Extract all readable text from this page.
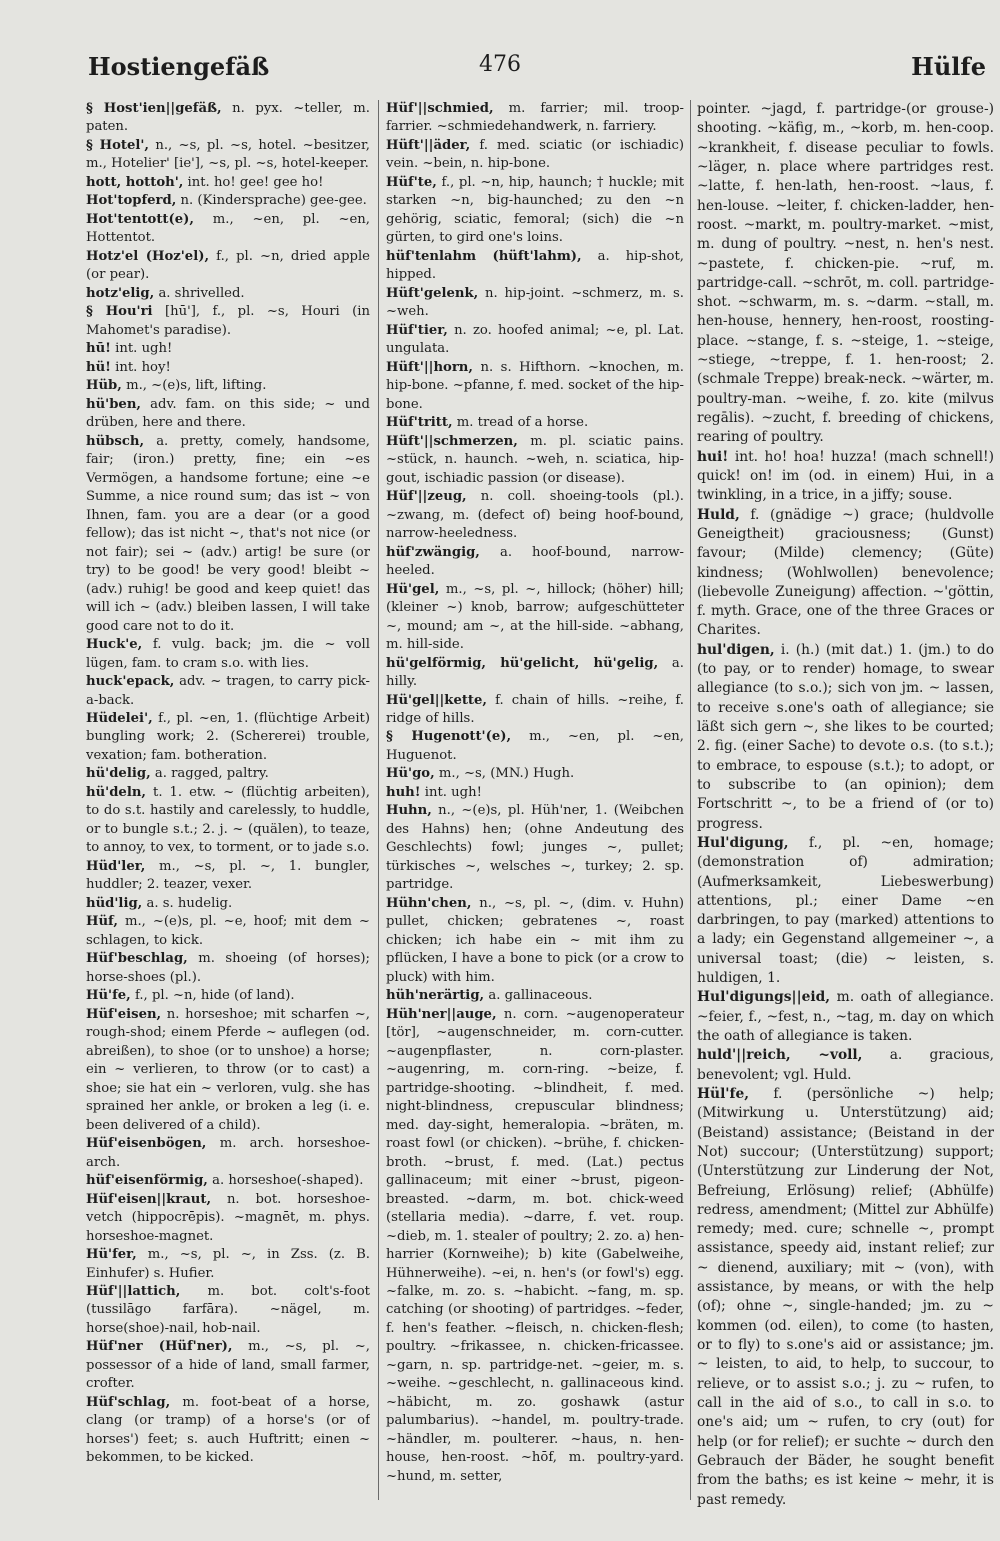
Hostiengefäß	476	Hülfe

§ Host'ien||gefäß, n. pyx. ~teller, m. paten.

§ Hotel', n., ~s, pl. ~s, hotel. ~besitzer, m., Hotelier' [ie'], ~s, pl. ~s, hotel-keeper.

hott, hottoh', int. ho! gee! gee ho!

Hot'topferd, n. (Kindersprache) gee-gee.

Hot'tentott(e), m., ~en, pl. ~en, Hottentot.

Hotz'el (Hoz'el), f., pl. ~n, dried apple (or pear).

hotz'elig, a. shrivelled.

§ Hou'ri [hū'], f., pl. ~s, Houri (in Mahomet's paradise).

hū! int. ugh!

hü! int. hoy!

Hüb, m., ~(e)s, lift, lifting.

hü'ben, adv. fam. on this side; ~ und drüben, here and there.

hübsch, a. pretty, comely, handsome, fair; (iron.) pretty, fine; ein ~es Vermögen, a handsome fortune; eine ~e Summe, a nice round sum; das ist ~ von Ihnen, fam. you are a dear (or a good fellow); das ist nicht ~, that's not nice (or not fair); sei ~ (adv.) artig! be sure (or try) to be good! be very good! bleibt ~ (adv.) ruhig! be good and keep quiet! das will ich ~ (adv.) bleiben lassen, I will take good care not to do it.

Huck'e, f. vulg. back; jm. die ~ voll lügen, fam. to cram s.o. with lies.

huck'epack, adv. ~ tragen, to carry pick-a-back.

Hüdelei', f., pl. ~en, 1. (flüchtige Arbeit) bungling work; 2. (Schererei) trouble, vexation; fam. botheration.

hü'delig, a. ragged, paltry.

hü'deln, t. 1. etw. ~ (flüchtig arbeiten), to do s.t. hastily and carelessly, to huddle, or to bungle s.t.; 2. j. ~ (quälen), to teaze, to annoy, to vex, to torment, or to jade s.o.

Hüd'ler, m., ~s, pl. ~, 1. bungler, huddler; 2. teazer, vexer.

hüd'lig, a. s. hudelig.

Hüf, m., ~(e)s, pl. ~e, hoof; mit dem ~ schlagen, to kick.

Hüf'beschlag, m. shoeing (of horses); horse-shoes (pl.).

Hü'fe, f., pl. ~n, hide (of land).

Hüf'eisen, n. horseshoe; mit scharfen ~, rough-shod; einem Pferde ~ auflegen (od. abreißen), to shoe (or to unshoe) a horse; ein ~ verlieren, to throw (or to cast) a shoe; sie hat ein ~ verloren, vulg. she has sprained her ankle, or broken a leg (i. e. been delivered of a child).

Hüf'eisenbögen, m. arch. horseshoe-arch.

hüf'eisenförmig, a. horseshoe(-shaped).

Hüf'eisen||kraut, n. bot. horseshoe-vetch (hippocrēpis). ~magnēt, m. phys. horseshoe-magnet.

Hü'fer, m., ~s, pl. ~, in Zss. (z. B. Einhufer) s. Hufier.

Hüf'||lattich, m. bot. colt's-foot (tussilāgo farfāra). ~nägel, m. horse(shoe)-nail, hob-nail.

Hüf'ner (Hüf'ner), m., ~s, pl. ~, possessor of a hide of land, small farmer, crofter.

Hüf'schlag, m. foot-beat of a horse, clang (or tramp) of a horse's (or of horses') feet; s. auch Huftritt; einen ~ bekommen, to be kicked.

Hüf'||schmied, m. farrier; mil. troop-farrier. ~schmiedehandwerk, n. farriery.

Hüft'||äder, f. med. sciatic (or ischiadic) vein. ~bein, n. hip-bone.

Hüf'te, f., pl. ~n, hip, haunch; † huckle; mit starken ~n, big-haunched; zu den ~n gehörig, sciatic, femoral; (sich) die ~n gürten, to gird one's loins.

hüf'tenlahm (hüft'lahm), a. hip-shot, hipped.

Hüft'gelenk, n. hip-joint. ~schmerz, m. s. ~weh.

Hüf'tier, n. zo. hoofed animal; ~e, pl. Lat. ungulata.

Hüft'||horn, n. s. Hifthorn. ~knochen, m. hip-bone. ~pfanne, f. med. socket of the hip-bone.

Hüf'tritt, m. tread of a horse.

Hüft'||schmerzen, m. pl. sciatic pains. ~stück, n. haunch. ~weh, n. sciatica, hip-gout, ischiadic passion (or disease).

Hüf'||zeug, n. coll. shoeing-tools (pl.). ~zwang, m. (defect of) being hoof-bound, narrow-heeledness.

hüf'zwängig, a. hoof-bound, narrow-heeled.

Hü'gel, m., ~s, pl. ~, hillock; (höher) hill; (kleiner ~) knob, barrow; aufgeschütteter ~, mound; am ~, at the hill-side. ~abhang, m. hill-side.

hü'gelförmig, hü'gelicht, hü'gelig, a. hilly.

Hü'gel||kette, f. chain of hills. ~reihe, f. ridge of hills.

§ Hugenott'(e), m., ~en, pl. ~en, Huguenot.

Hü'go, m., ~s, (MN.) Hugh.

huh! int. ugh!

Huhn, n., ~(e)s, pl. Hüh'ner, 1. (Weibchen des Hahns) hen; (ohne Andeutung des Geschlechts) fowl; junges ~, pullet; türkisches ~, welsches ~, turkey; 2. sp. partridge.

Hühn'chen, n., ~s, pl. ~, (dim. v. Huhn) pullet, chicken; gebratenes ~, roast chicken; ich habe ein ~ mit ihm zu pflücken, I have a bone to pick (or a crow to pluck) with him.

hüh'nerärtig, a. gallinaceous.

Hüh'ner||auge, n. corn. ~augenoperateur [tör], ~augenschneider, m. corn-cutter. ~augenpflaster, n. corn-plaster. ~augenring, m. corn-ring. ~beize, f. partridge-shooting. ~blindheit, f. med. night-blindness, crepuscular blindness; med. day-sight, hemeralopia. ~bräten, m. roast fowl (or chicken). ~brühe, f. chicken-broth. ~brust, f. med. (Lat.) pectus gallinaceum; mit einer ~brust, pigeon-breasted. ~darm, m. bot. chick-weed (stellaria media). ~darre, f. vet. roup. ~dieb, m. 1. stealer of poultry; 2. zo. a) hen-harrier (Kornweihe); b) kite (Gabelweihe, Hühnerweihe). ~ei, n. hen's (or fowl's) egg. ~falke, m. zo. s. ~habicht. ~fang, m. sp. catching (or shooting) of partridges. ~feder, f. hen's feather. ~fleisch, n. chicken-flesh; poultry. ~frikassee, n. chicken-fricassee. ~garn, n. sp. partridge-net. ~geier, m. s. ~weihe. ~geschlecht, n. gallinaceous kind. ~häbicht, m. zo. goshawk (astur palumbarius). ~handel, m. poultry-trade. ~händler, m. poulterer. ~haus, n. hen-house, hen-roost. ~hōf, m. poultry-yard. ~hund, m. setter,

pointer. ~jagd, f. partridge-(or grouse-) shooting. ~käfig, m., ~korb, m. hen-coop. ~krankheit, f. disease peculiar to fowls. ~läger, n. place where partridges rest. ~latte, f. hen-lath, hen-roost. ~laus, f. hen-louse. ~leiter, f. chicken-ladder, hen-roost. ~markt, m. poultry-market. ~mist, m. dung of poultry. ~nest, n. hen's nest. ~pastete, f. chicken-pie. ~ruf, m. partridge-call. ~schrōt, m. coll. partridge-shot. ~schwarm, m. s. ~darm. ~stall, m. hen-house, hennery, hen-roost, roosting-place. ~stange, f. s. ~steige, 1. ~steige, ~stiege, ~treppe, f. 1. hen-roost; 2. (schmale Treppe) break-neck. ~wärter, m. poultry-man. ~weihe, f. zo. kite (milvus regālis). ~zucht, f. breeding of chickens, rearing of poultry.

hui! int. ho! hoa! huzza! (mach schnell!) quick! on! im (od. in einem) Hui, in a twinkling, in a trice, in a jiffy; souse.

Huld, f. (gnädige ~) grace; (huldvolle Geneigtheit) graciousness; (Gunst) favour; (Milde) clemency; (Güte) kindness; (Wohlwollen) benevolence; (liebevolle Zuneigung) affection. ~'göttin, f. myth. Grace, one of the three Graces or Charites.

hul'digen, i. (h.) (mit dat.) 1. (jm.) to do (to pay, or to render) homage, to swear allegiance (to s.o.); sich von jm. ~ lassen, to receive s.one's oath of allegiance; sie läßt sich gern ~, she likes to be courted; 2. fig. (einer Sache) to devote o.s. (to s.t.); to embrace, to espouse (s.t.); to adopt, or to subscribe to (an opinion); dem Fortschritt ~, to be a friend of (or to) progress.

Hul'digung, f., pl. ~en, homage; (demonstration of) admiration; (Aufmerksamkeit, Liebeswerbung) attentions, pl.; einer Dame ~en darbringen, to pay (marked) attentions to a lady; ein Gegenstand allgemeiner ~, a universal toast; (die) ~ leisten, s. huldigen, 1.

Hul'digungs||eid, m. oath of allegiance. ~feier, f., ~fest, n., ~tag, m. day on which the oath of allegiance is taken.

huld'||reich, ~voll, a. gracious, benevolent; vgl. Huld.

Hül'fe, f. (persönliche ~) help; (Mitwirkung u. Unterstützung) aid; (Beistand) assistance; (Beistand in der Not) succour; (Unterstützung) support; (Unterstützung zur Linderung der Not, Befreiung, Erlösung) relief; (Abhülfe) redress, amendment; (Mittel zur Abhülfe) remedy; med. cure; schnelle ~, prompt assistance, speedy aid, instant relief; zur ~ dienend, auxiliary; mit ~ (von), with assistance, by means, or with the help (of); ohne ~, single-handed; jm. zu ~ kommen (od. eilen), to come (to hasten, or to fly) to s.one's aid or assistance; jm. ~ leisten, to aid, to help, to succour, to relieve, or to assist s.o.; j. zu ~ rufen, to call in the aid of s.o., to call in s.o. to one's aid; um ~ rufen, to cry (out) for help (or for relief); er suchte ~ durch den Gebrauch der Bäder, he sought benefit from the baths; es ist keine ~ mehr, it is past remedy.
